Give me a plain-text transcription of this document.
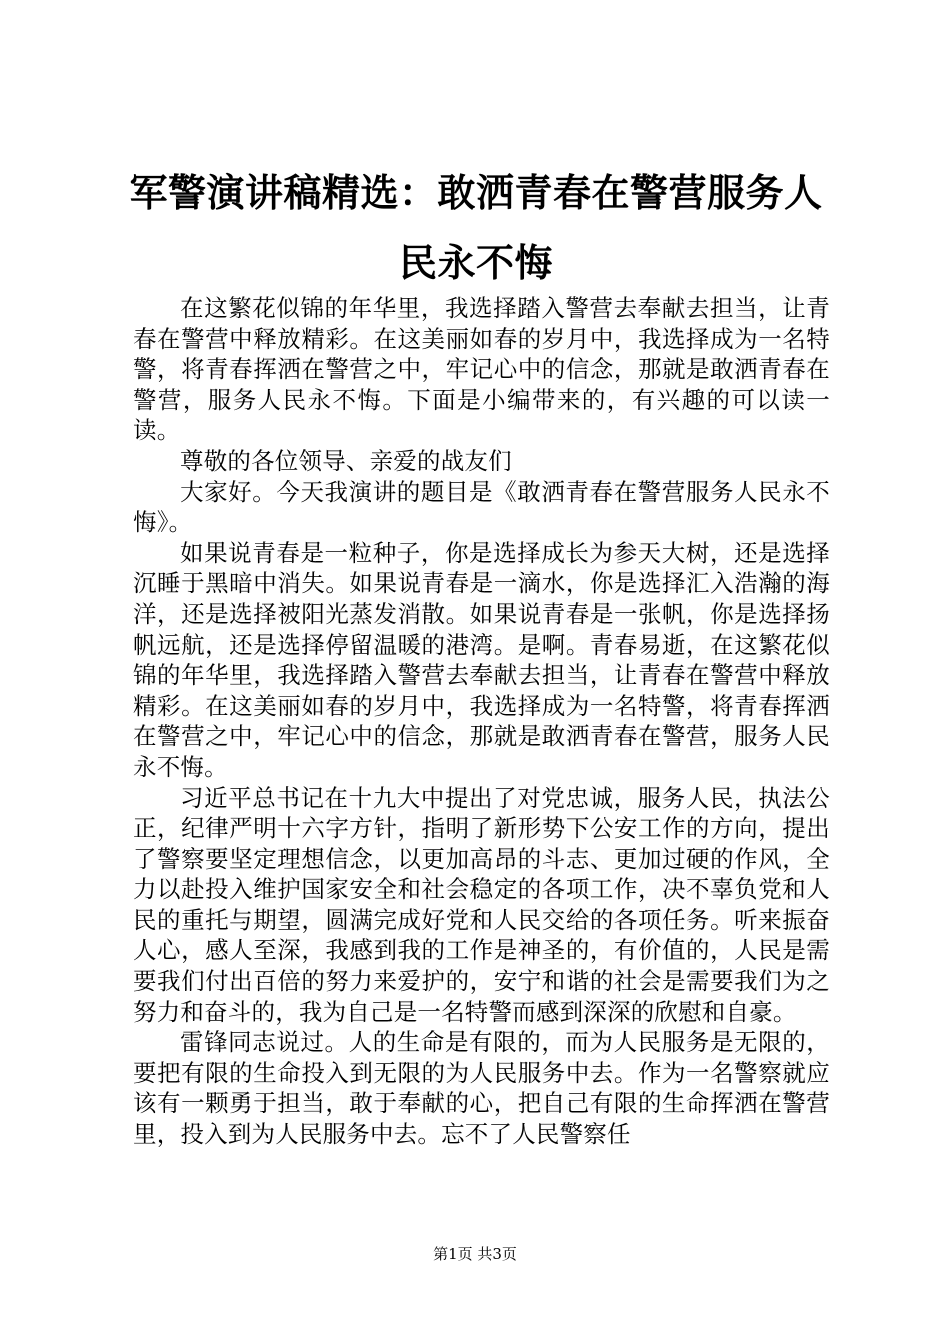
军警演讲稿精选：敢洒青春在警营服务人民永不悔

在这繁花似锦的年华里，我选择踏入警营去奉献去担当，让青春在警营中释放精彩。在这美丽如春的岁月中，我选择成为一名特警，将青春挥洒在警营之中，牢记心中的信念，那就是敢洒青春在警营，服务人民永不悔。下面是小编带来的，有兴趣的可以读一读。

尊敬的各位领导、亲爱的战友们

大家好。今天我演讲的题目是《敢洒青春在警营服务人民永不悔》。

如果说青春是一粒种子，你是选择成长为参天大树，还是选择沉睡于黑暗中消失。如果说青春是一滴水，你是选择汇入浩瀚的海洋，还是选择被阳光蒸发消散。如果说青春是一张帆，你是选择扬帆远航，还是选择停留温暖的港湾。是啊。青春易逝，在这繁花似锦的年华里，我选择踏入警营去奉献去担当，让青春在警营中释放精彩。在这美丽如春的岁月中，我选择成为一名特警，将青春挥洒在警营之中，牢记心中的信念，那就是敢洒青春在警营，服务人民永不悔。

习近平总书记在十九大中提出了对党忠诚，服务人民，执法公正，纪律严明十六字方针，指明了新形势下公安工作的方向，提出了警察要坚定理想信念，以更加高昂的斗志、更加过硬的作风，全力以赴投入维护国家安全和社会稳定的各项工作，决不辜负党和人民的重托与期望，圆满完成好党和人民交给的各项任务。听来振奋人心，感人至深，我感到我的工作是神圣的，有价值的，人民是需要我们付出百倍的努力来爱护的，安宁和谐的社会是需要我们为之努力和奋斗的，我为自己是一名特警而感到深深的欣慰和自豪。

雷锋同志说过。人的生命是有限的，而为人民服务是无限的，要把有限的生命投入到无限的为人民服务中去。作为一名警察就应该有一颗勇于担当，敢于奉献的心，把自己有限的生命挥洒在警营里，投入到为人民服务中去。忘不了人民警察任

第1页 共3页
